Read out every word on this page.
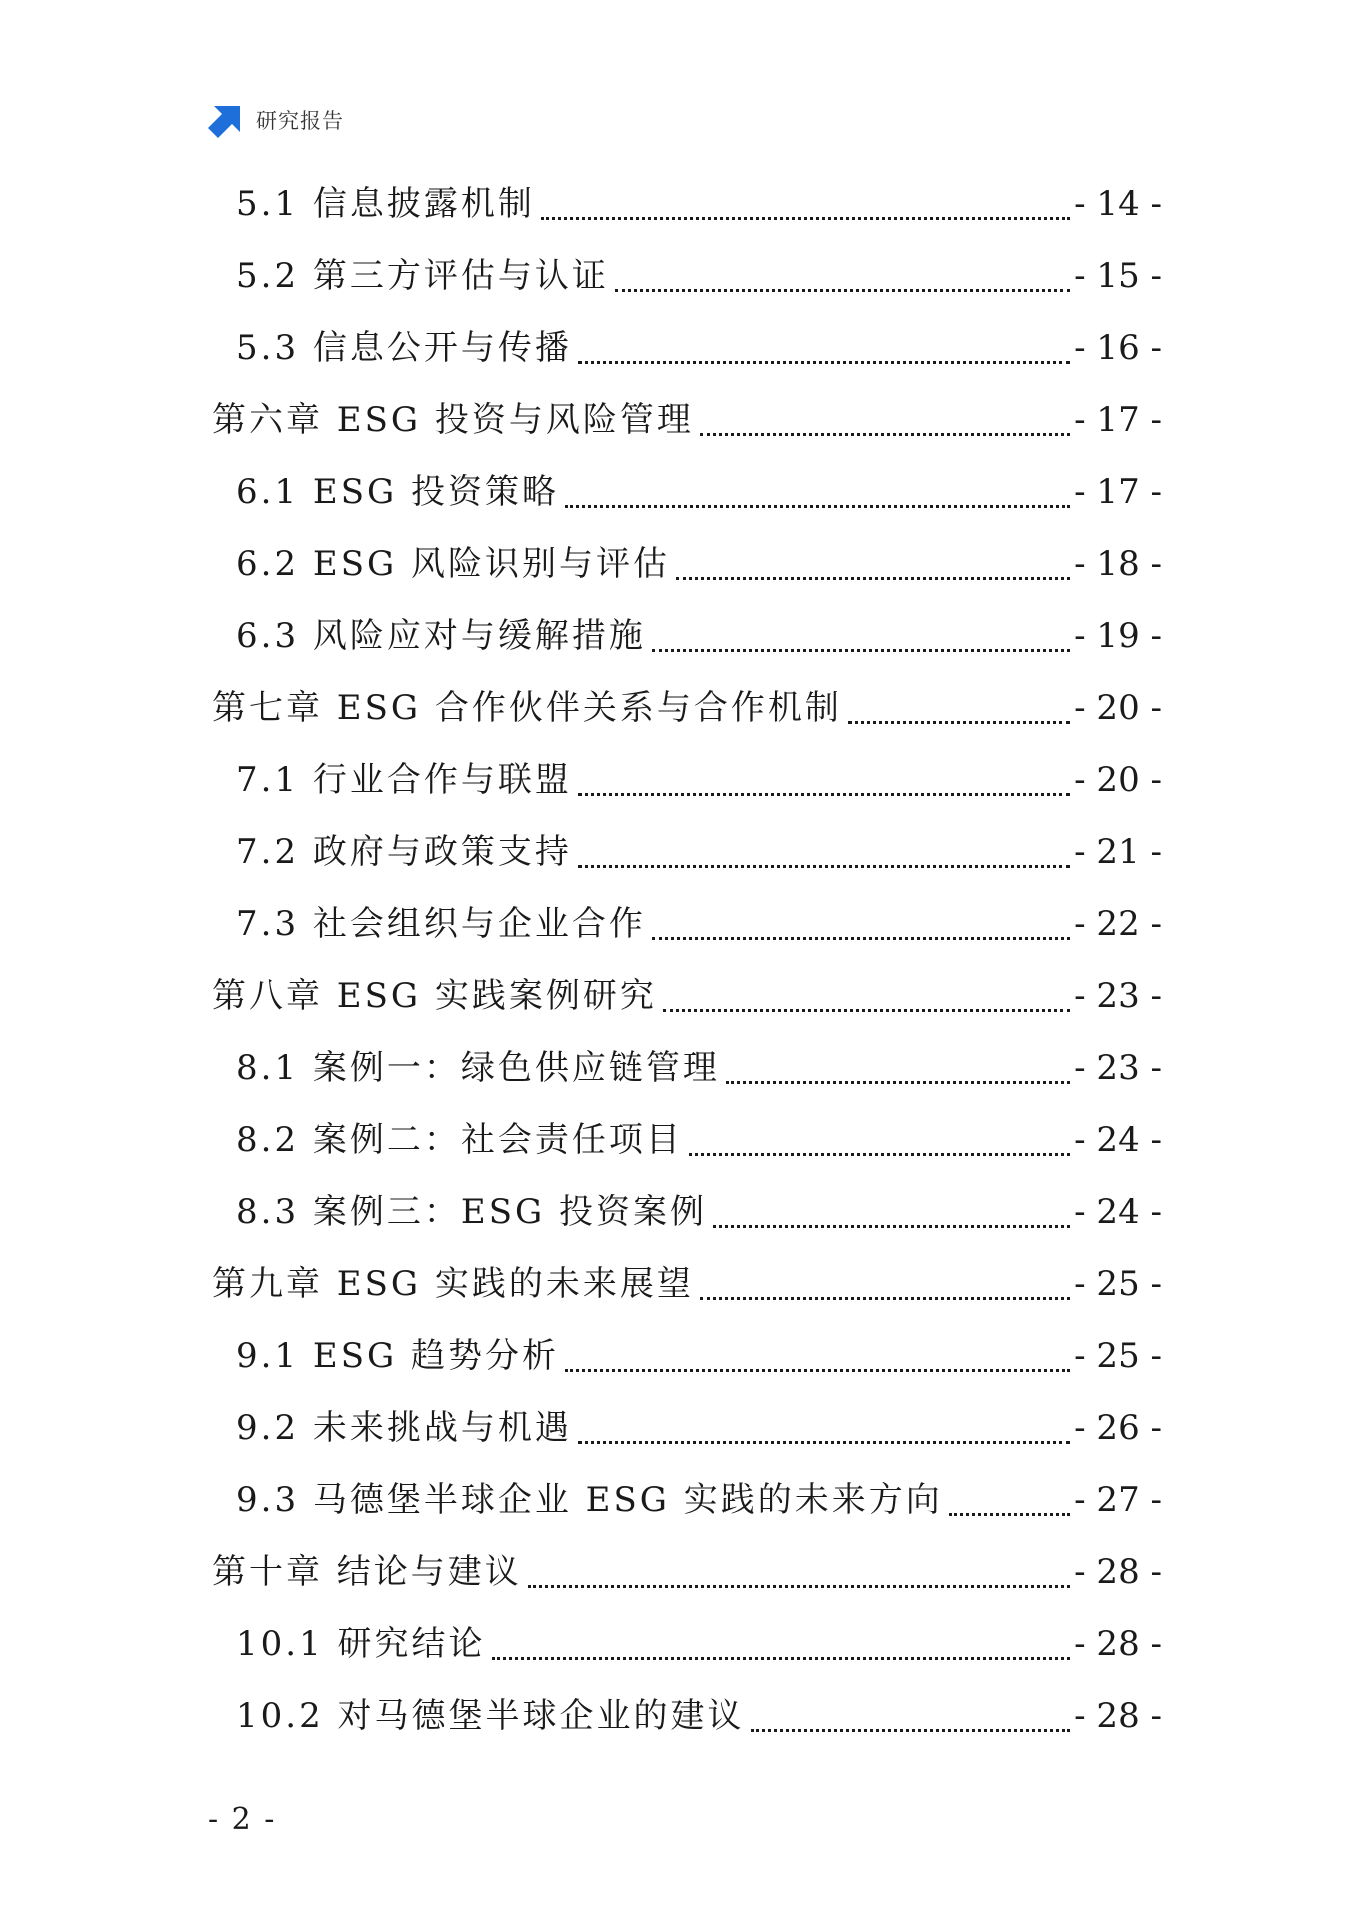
研究报告
5.1 信息披露机制	- 14 -
5.2 第三方评估与认证	- 15 -
5.3 信息公开与传播	- 16 -
第六章 ESG 投资与风险管理	- 17 -
6.1 ESG 投资策略	- 17 -
6.2 ESG 风险识别与评估	- 18 -
6.3 风险应对与缓解措施	- 19 -
第七章 ESG 合作伙伴关系与合作机制	- 20 -
7.1 行业合作与联盟	- 20 -
7.2 政府与政策支持	- 21 -
7.3 社会组织与企业合作	- 22 -
第八章 ESG 实践案例研究	- 23 -
8.1 案例一：绿色供应链管理	- 23 -
8.2 案例二：社会责任项目	- 24 -
8.3 案例三：ESG 投资案例	- 24 -
第九章 ESG 实践的未来展望	- 25 -
9.1 ESG 趋势分析	- 25 -
9.2 未来挑战与机遇	- 26 -
9.3 马德堡半球企业 ESG 实践的未来方向	- 27 -
第十章 结论与建议	- 28 -
10.1 研究结论	- 28 -
10.2 对马德堡半球企业的建议	- 28 -
- 2 -
